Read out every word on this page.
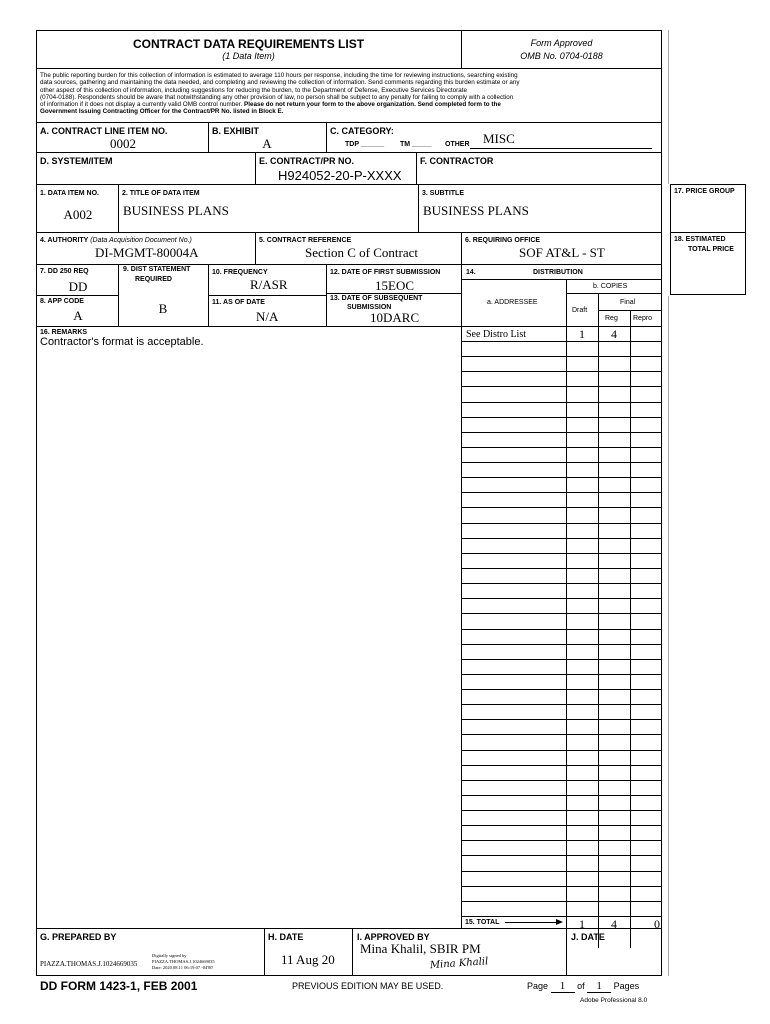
17. PRICE GROUP
18. ESTIMATED
TOTAL PRICE
CONTRACT DATA REQUIREMENTS LIST
(1 Data Item)
Form Approved
OMB No. 0704-0188
The public reporting burden for this collection of information is estimated to average 110 hours per response, including the time for reviewing instructions, searching existing
data sources, gathering and maintaining the data needed, and completing and reviewing the collection of information. Send comments regarding this burden estimate or any
other aspect of this collection of information, including suggestions for reducing the burden, to the Department of Defense, Executive Services Directorate
(0704-0188). Respondents should be aware that notwithstanding any other provision of law, no person shall be subject to any penalty for failing to comply with a collection
of information if it does not display a currently valid OMB control number. Please do not return your form to the above organization. Send completed form to the
Government Issuing Contracting Officer for the Contract/PR No. listed in Block E.
A. CONTRACT LINE ITEM NO.
0002
B. EXHIBIT
A
C. CATEGORY:
TDP ______ TM _____ OTHER MISC
D. SYSTEM/ITEM	E. CONTRACT/PR NO.
H924052-20-P-XXXX
F. CONTRACTOR
1. DATA ITEM NO.
A002
2. TITLE OF DATA ITEM
BUSINESS PLANS
3. SUBTITLE
BUSINESS PLANS
4. AUTHORITY (Data Acquisition Document No.)
DI-MGMT-80004A
5. CONTRACT REFERENCE
Section C of Contract
6. REQUIRING OFFICE
SOF AT&L - ST
7. DD 250 REQ
DD
8. APP CODE
A
9. DIST STATEMENT
REQUIRED
B
10. FREQUENCY
R/ASR
11. AS OF DATE
N/A
12. DATE OF FIRST SUBMISSION
15EOC
13. DATE OF SUBSEQUENT
SUBMISSION
10DARC
14.	DISTRIBUTION
b. COPIES
a. ADDRESSEE
Draft
Final
Reg Repro
16. REMARKS
Contractor's format is acceptable.
See Distro List	1	4
15. TOTAL	1	4	0
G. PREPARED BY
PIAZZA.THOMAS.J.1024669035
Digitally signed by
PIAZZA.THOMAS.J.1024669035
Date: 2020.08.11 06:19:07 -04'00'
H. DATE
11 Aug 20
I. APPROVED BY
Mina Khalil, SBIR PM
Mina Khalil
J. DATE
DD FORM 1423-1, FEB 2001	PREVIOUS EDITION MAY BE USED.	Page 1 of 1 Pages
Adobe Professional 8.0
